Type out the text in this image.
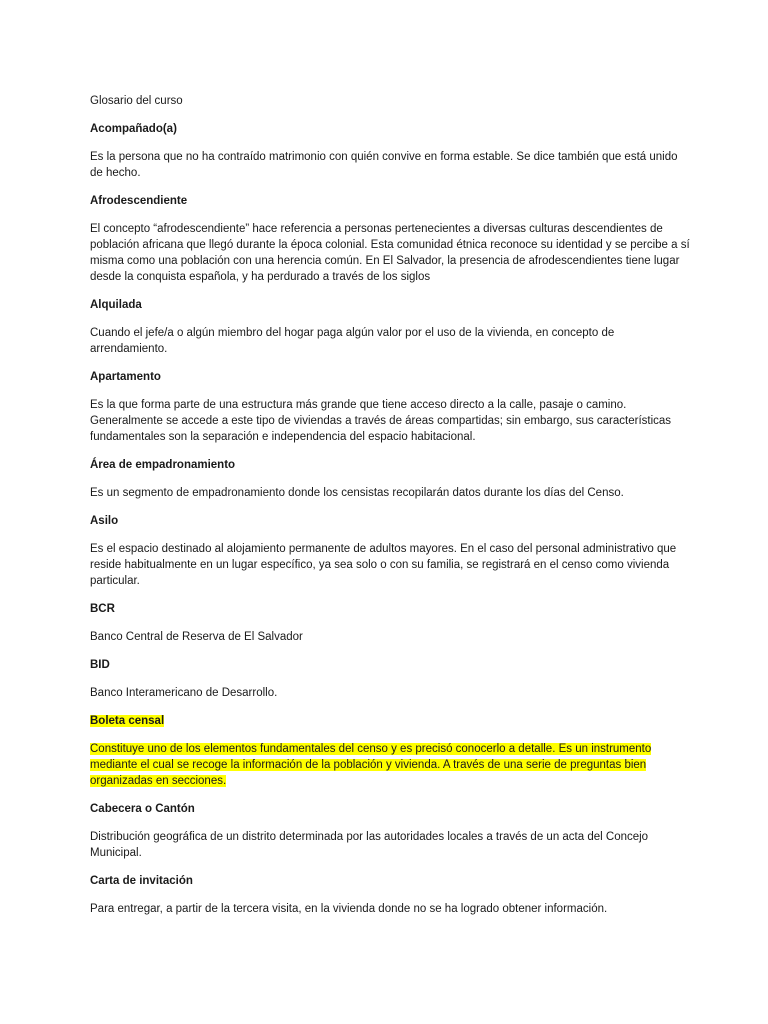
Glosario del curso

Acompañado(a)

Es la persona que no ha contraído matrimonio con quién convive en forma estable. Se dice también que está unido de hecho.

Afrodescendiente

El concepto “afrodescendiente” hace referencia a personas pertenecientes a diversas culturas descendientes de población africana que llegó durante la época colonial. Esta comunidad étnica reconoce su identidad y se percibe a sí misma como una población con una herencia común. En El Salvador, la presencia de afrodescendientes tiene lugar desde la conquista española, y ha perdurado a través de los siglos

Alquilada

Cuando el jefe/a o algún miembro del hogar paga algún valor por el uso de la vivienda, en concepto de arrendamiento.

Apartamento

Es la que forma parte de una estructura más grande que tiene acceso directo a la calle, pasaje o camino. Generalmente se accede a este tipo de viviendas a través de áreas compartidas; sin embargo, sus características fundamentales son la separación e independencia del espacio habitacional.

Área de empadronamiento

Es un segmento de empadronamiento donde los censistas recopilarán datos durante los días del Censo.

Asilo

Es el espacio destinado al alojamiento permanente de adultos mayores. En el caso del personal administrativo que reside habitualmente en un lugar específico, ya sea solo o con su familia, se registrará en el censo como vivienda particular.

BCR

Banco Central de Reserva de El Salvador

BID

Banco Interamericano de Desarrollo.

Boleta censal

Constituye uno de los elementos fundamentales del censo y es precisó conocerlo a detalle. Es un instrumento mediante el cual se recoge la información de la población y vivienda. A través de una serie de preguntas bien organizadas en secciones.

Cabecera o Cantón

Distribución geográfica de un distrito determinada por las autoridades locales a través de un acta del Concejo Municipal.

Carta de invitación

Para entregar, a partir de la tercera visita, en la vivienda donde no se ha logrado obtener información.
